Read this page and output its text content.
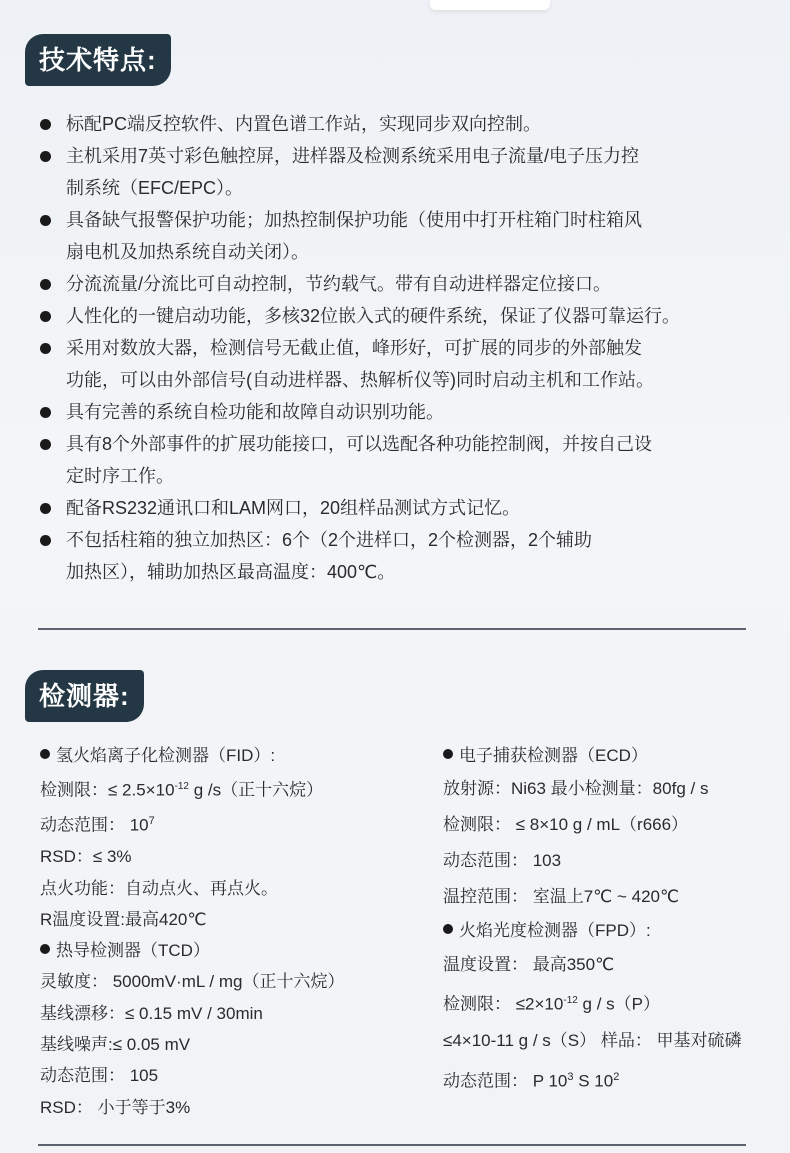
技术特点:
标配PC端反控软件、内置色谱工作站，实现同步双向控制。
主机采用7英寸彩色触控屏，进样器及检测系统采用电子流量/电子压力控
制系统（EFC/EPC）。
具备缺气报警保护功能；加热控制保护功能（使用中打开柱箱门时柱箱风
扇电机及加热系统自动关闭）。
分流流量/分流比可自动控制，节约载气。带有自动进样器定位接口。
人性化的一键启动功能，多核32位嵌入式的硬件系统，保证了仪器可靠运行。
采用对数放大器，检测信号无截止值，峰形好，可扩展的同步的外部触发
功能，可以由外部信号(自动进样器、热解析仪等)同时启动主机和工作站。
具有完善的系统自检功能和故障自动识别功能。
具有8个外部事件的扩展功能接口，可以选配各种功能控制阀，并按自己设
定时序工作。
配备RS232通讯口和LAM网口，20组样品测试方式记忆。
不包括柱箱的独立加热区：6个（2个进样口，2个检测器，2个辅助
加热区），辅助加热区最高温度：400℃。
检测器:
氢火焰离子化检测器（FID）:
检测限：≤ $2.5\times 10^{-12}$ g /s（正十六烷）
动态范围： $10^7$
RSD：≤ 3%
点火功能：自动点火、再点火。
R温度设置:最高420℃
热导检测器（TCD）
灵敏度： 5000mV·mL / mg（正十六烷）
基线漂移：≤ 0.15 mV / 30min
基线噪声:≤ 0.05 mV
动态范围： 105
RSD： 小于等于3%
电子捕获检测器（ECD）
放射源：Ni63 最小检测量：80fg / s
检测限： ≤ 8×10 g / mL（r666）
动态范围： 103
温控范围： 室温上7℃ ~ 420℃
火焰光度检测器（FPD）:
温度设置： 最高350℃
检测限： $\le 2\times 10^{-12}$ g / s（P）
≤4×10-11 g / s（S） 样品： 甲基对硫磷
动态范围： P $10^3$ S $10^2$
